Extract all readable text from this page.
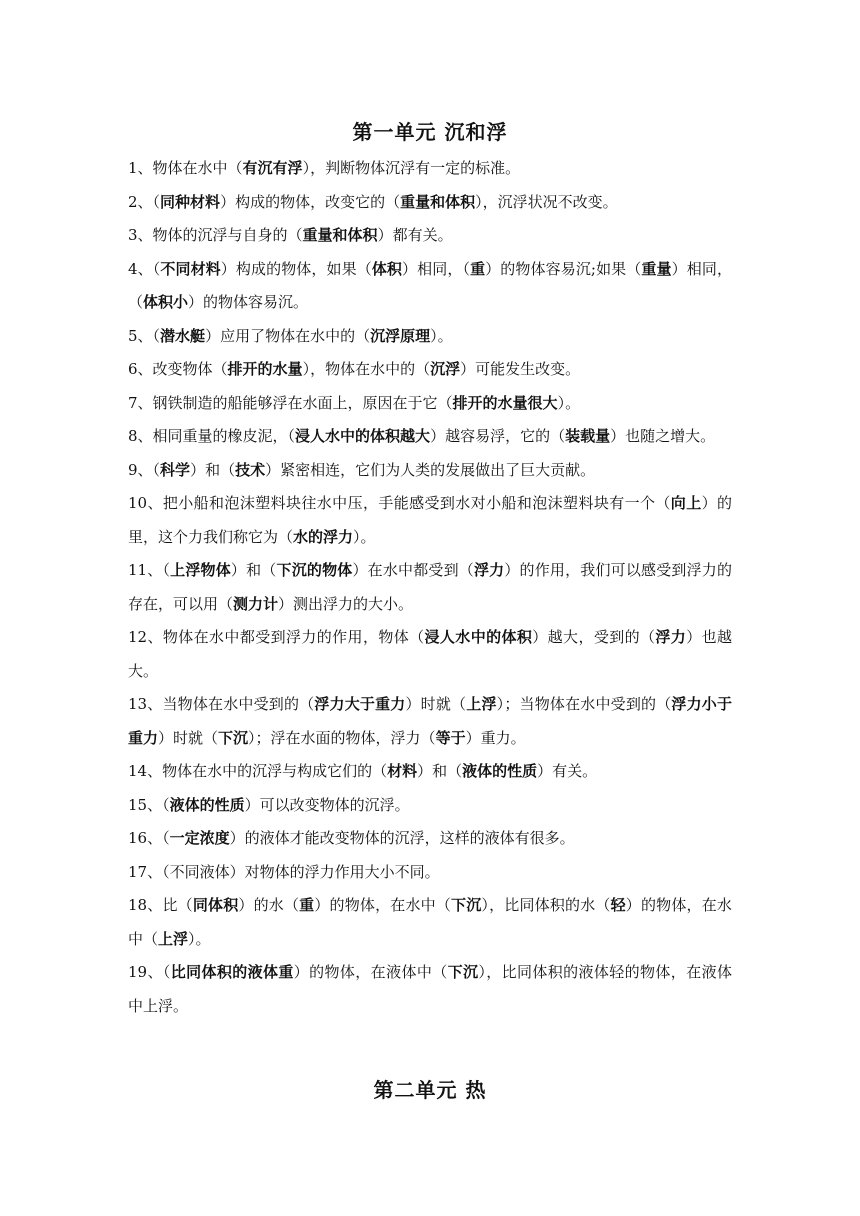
第一单元 沉和浮

1、物体在水中（有沉有浮），判断物体沉浮有一定的标准。

2、（同种材料）构成的物体，改变它的（重量和体积），沉浮状况不改变。

3、物体的沉浮与自身的（重量和体积）都有关。

4、（不同材料）构成的物体，如果（体积）相同，（重）的物体容易沉;如果（重量）相同，（体积小）的物体容易沉。

5、（潜水艇）应用了物体在水中的（沉浮原理）。

6、改变物体（排开的水量），物体在水中的（沉浮）可能发生改变。

7、钢铁制造的船能够浮在水面上，原因在于它（排开的水量很大）。

8、相同重量的橡皮泥，（浸人水中的体积越大）越容易浮，它的（装载量）也随之增大。

9、（科学）和（技术）紧密相连，它们为人类的发展做出了巨大贡献。

10、把小船和泡沫塑料块往水中压，手能感受到水对小船和泡沫塑料块有一个（向上）的里，这个力我们称它为（水的浮力）。

11、（上浮物体）和（下沉的物体）在水中都受到（浮力）的作用，我们可以感受到浮力的存在，可以用（测力计）测出浮力的大小。

12、物体在水中都受到浮力的作用，物体（浸人水中的体积）越大，受到的（浮力）也越大。

13、当物体在水中受到的（浮力大于重力）时就（上浮）；当物体在水中受到的（浮力小于重力）时就（下沉）；浮在水面的物体，浮力（等于）重力。

14、物体在水中的沉浮与构成它们的（材料）和（液体的性质）有关。

15、（液体的性质）可以改变物体的沉浮。

16、（一定浓度）的液体才能改变物体的沉浮，这样的液体有很多。

17、（不同液体）对物体的浮力作用大小不同。

18、比（同体积）的水（重）的物体，在水中（下沉），比同体积的水（轻）的物体，在水中（上浮）。

19、（比同体积的液体重）的物体，在液体中（下沉），比同体积的液体轻的物体，在液体中上浮。

第二单元 热
